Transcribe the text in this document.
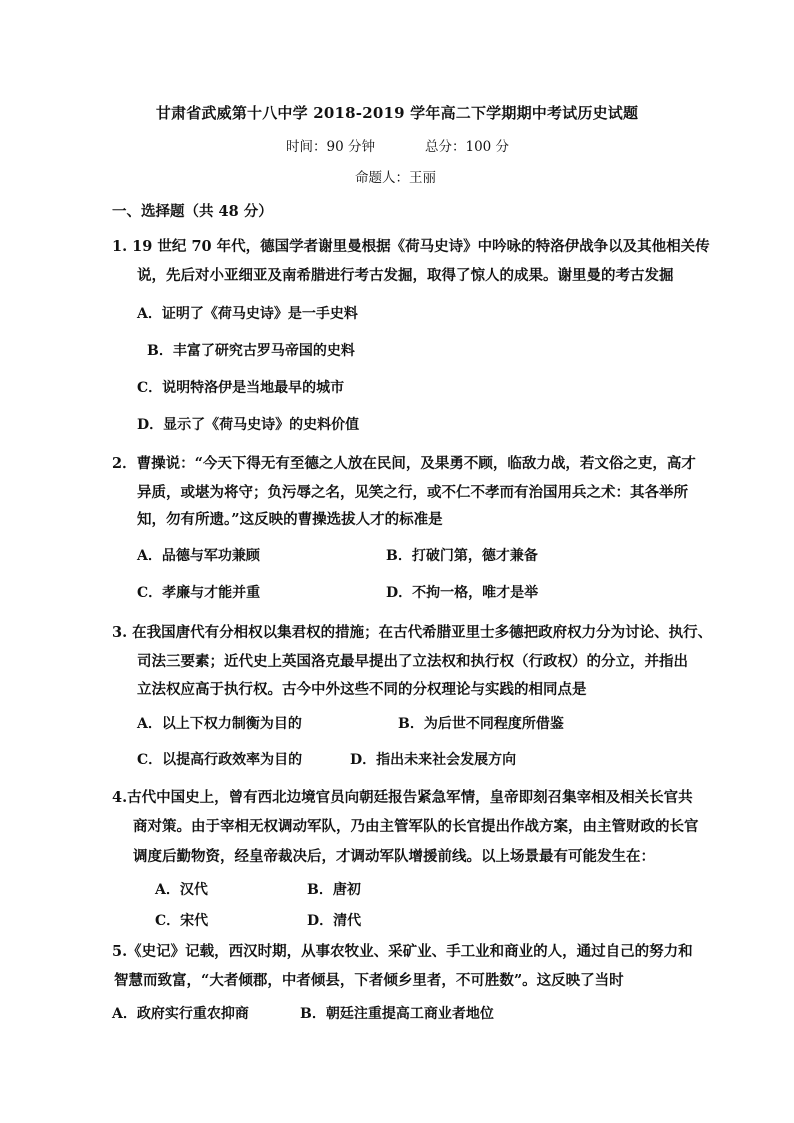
甘肃省武威第十八中学 2018-2019 学年高二下学期期中考试历史试题
时间：90 分钟	总分：100 分
命题人：王丽
一、选择题（共 48 分）
1. 19 世纪 70 年代，德国学者谢里曼根据《荷马史诗》中吟咏的特洛伊战争以及其他相关传
说，先后对小亚细亚及南希腊进行考古发掘，取得了惊人的成果。谢里曼的考古发掘
A．证明了《荷马史诗》是一手史料
B．丰富了研究古罗马帝国的史料
C．说明特洛伊是当地最早的城市
D．显示了《荷马史诗》的史料价值
2．曹操说：“今天下得无有至德之人放在民间，及果勇不顾，临敌力战，若文俗之吏，高才
异质，或堪为将守；负污辱之名，见笑之行，或不仁不孝而有治国用兵之术：其各举所
知，勿有所遗。”这反映的曹操选拔人才的标准是
A．品德与军功兼顾	B．打破门第，德才兼备
C．孝廉与才能并重	D．不拘一格，唯才是举
3. 在我国唐代有分相权以集君权的措施；在古代希腊亚里士多德把政府权力分为讨论、执行、
司法三要素；近代史上英国洛克最早提出了立法权和执行权（行政权）的分立，并指出
立法权应高于执行权。古今中外这些不同的分权理论与实践的相同点是
A．以上下权力制衡为目的	B．为后世不同程度所借鉴
C．以提高行政效率为目的	D．指出未来社会发展方向
4.古代中国史上，曾有西北边境官员向朝廷报告紧急军情，皇帝即刻召集宰相及相关长官共
商对策。由于宰相无权调动军队，乃由主管军队的长官提出作战方案，由主管财政的长官
调度后勤物资，经皇帝裁决后，才调动军队增援前线。以上场景最有可能发生在：
A．汉代	B．唐初
C．宋代	D．清代
5.《史记》记载，西汉时期，从事农牧业、采矿业、手工业和商业的人，通过自己的努力和
智慧而致富，“大者倾郡，中者倾县，下者倾乡里者，不可胜数”。这反映了当时
A．政府实行重农抑商	B．朝廷注重提高工商业者地位
